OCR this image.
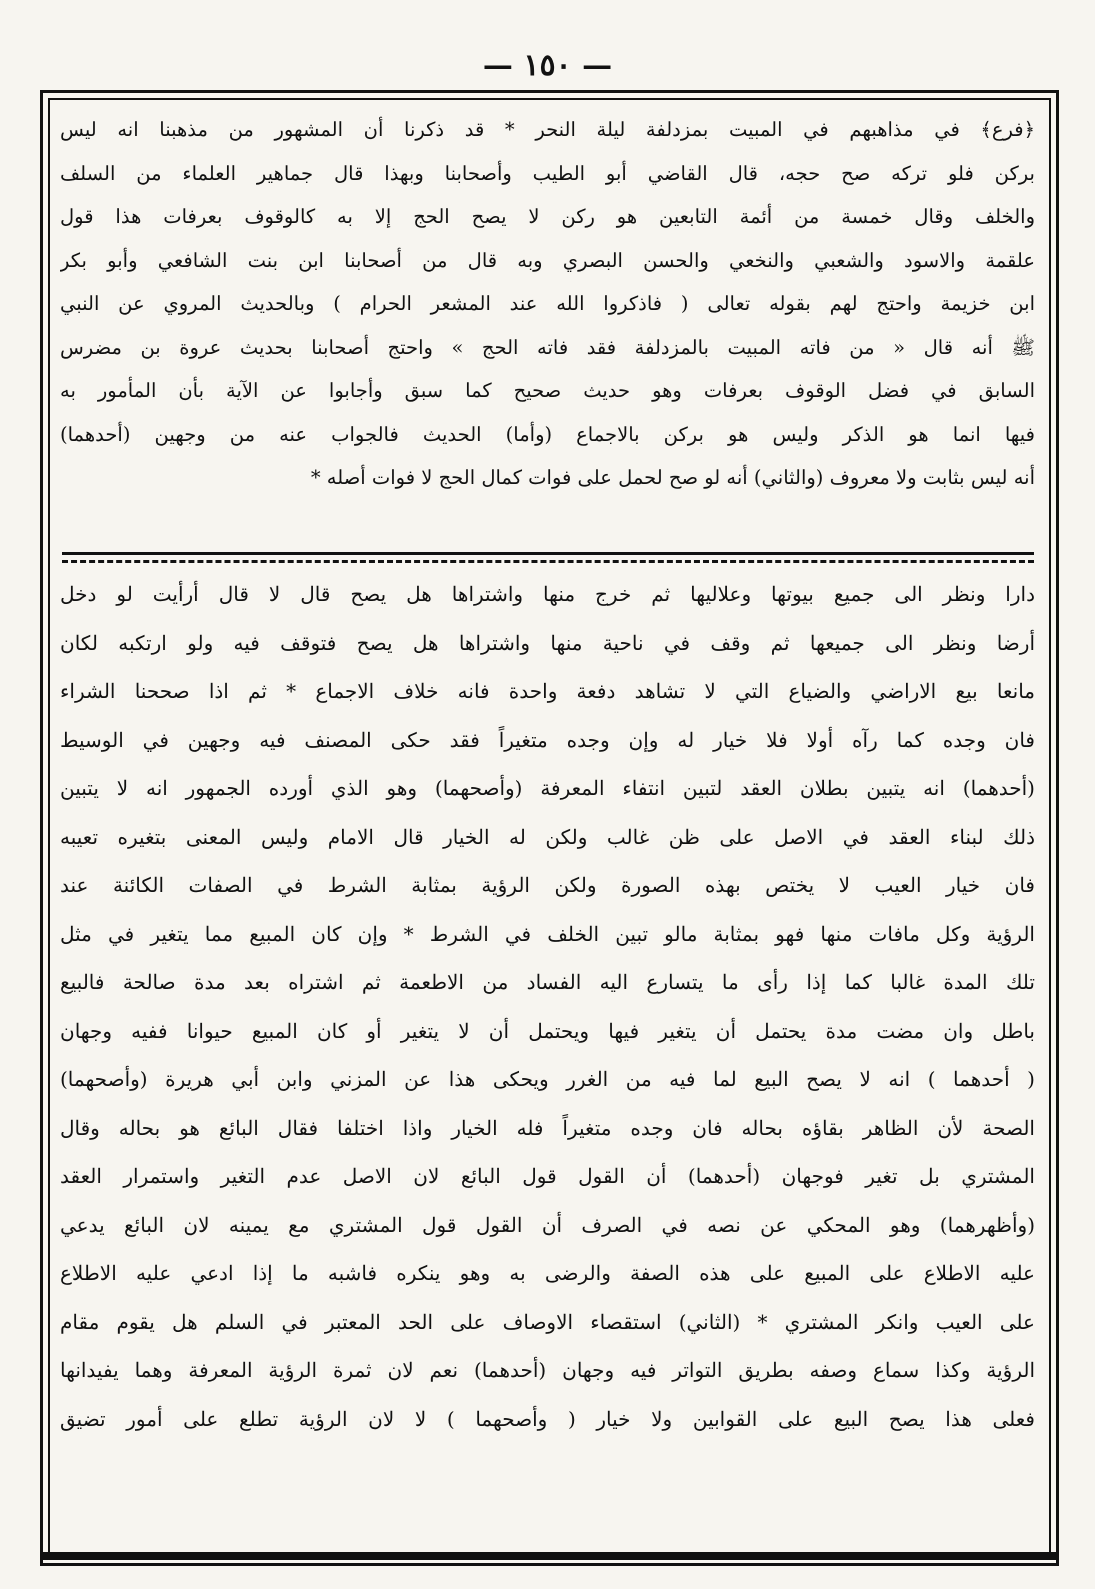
— ١٥٠ —
﴿فرع﴾ في مذاهبهم في المبيت بمزدلفة ليلة النحر * قد ذكرنا أن المشهور من مذهبنا انه ليس
بركن فلو تركه صح حجه، قال القاضي أبو الطيب وأصحابنا وبهذا قال جماهير العلماء من السلف
والخلف وقال خمسة من أئمة التابعين هو ركن لا يصح الحج إلا به كالوقوف بعرفات هذا قول
علقمة والاسود والشعبي والنخعي والحسن البصري وبه قال من أصحابنا ابن بنت الشافعي وأبو بكر
ابن خزيمة واحتج لهم بقوله تعالى ( فاذكروا الله عند المشعر الحرام ) وبالحديث المروي عن النبي
ﷺ أنه قال « من فاته المبيت بالمزدلفة فقد فاته الحج » واحتج أصحابنا بحديث عروة بن مضرس
السابق في فضل الوقوف بعرفات وهو حديث صحيح كما سبق وأجابوا عن الآية بأن المأمور به
فيها انما هو الذكر وليس هو بركن بالاجماع (وأما) الحديث فالجواب عنه من وجهين (أحدهما)
أنه ليس بثابت ولا معروف (والثاني) أنه لو صح لحمل على فوات كمال الحج لا فوات أصله *
دارا ونظر الى جميع بيوتها وعلاليها ثم خرج منها واشتراها هل يصح قال لا قال أرأيت لو دخل
أرضا ونظر الى جميعها ثم وقف في ناحية منها واشتراها هل يصح فتوقف فيه ولو ارتكبه لكان
مانعا بيع الاراضي والضياع التي لا تشاهد دفعة واحدة فانه خلاف الاجماع * ثم اذا صححنا الشراء
فان وجده كما رآه أولا فلا خيار له وإن وجده متغيراً فقد حكى المصنف فيه وجهين في الوسيط
(أحدهما) انه يتبين بطلان العقد لتبين انتفاء المعرفة (وأصحهما) وهو الذي أورده الجمهور انه لا يتبين
ذلك لبناء العقد في الاصل على ظن غالب ولكن له الخيار قال الامام وليس المعنى بتغيره تعيبه
فان خيار العيب لا يختص بهذه الصورة ولكن الرؤية بمثابة الشرط في الصفات الكائنة عند
الرؤية وكل مافات منها فهو بمثابة مالو تبين الخلف في الشرط * وإن كان المبيع مما يتغير في مثل
تلك المدة غالبا كما إذا رأى ما يتسارع اليه الفساد من الاطعمة ثم اشتراه بعد مدة صالحة فالبيع
باطل وان مضت مدة يحتمل أن يتغير فيها ويحتمل أن لا يتغير أو كان المبيع حيوانا ففيه وجهان
( أحدهما ) انه لا يصح البيع لما فيه من الغرر ويحكى هذا عن المزني وابن أبي هريرة (وأصحهما)
الصحة لأن الظاهر بقاؤه بحاله فان وجده متغيراً فله الخيار واذا اختلفا فقال البائع هو بحاله وقال
المشتري بل تغير فوجهان (أحدهما) أن القول قول البائع لان الاصل عدم التغير واستمرار العقد
(وأظهرهما) وهو المحكي عن نصه في الصرف أن القول قول المشتري مع يمينه لان البائع يدعي
عليه الاطلاع على المبيع على هذه الصفة والرضى به وهو ينكره فاشبه ما إذا ادعي عليه الاطلاع
على العيب وانكر المشتري * (الثاني) استقصاء الاوصاف على الحد المعتبر في السلم هل يقوم مقام
الرؤية وكذا سماع وصفه بطريق التواتر فيه وجهان (أحدهما) نعم لان ثمرة الرؤية المعرفة وهما يفيدانها
فعلى هذا يصح البيع على القوابين ولا خيار ( وأصحهما ) لا لان الرؤية تطلع على أمور تضيق
